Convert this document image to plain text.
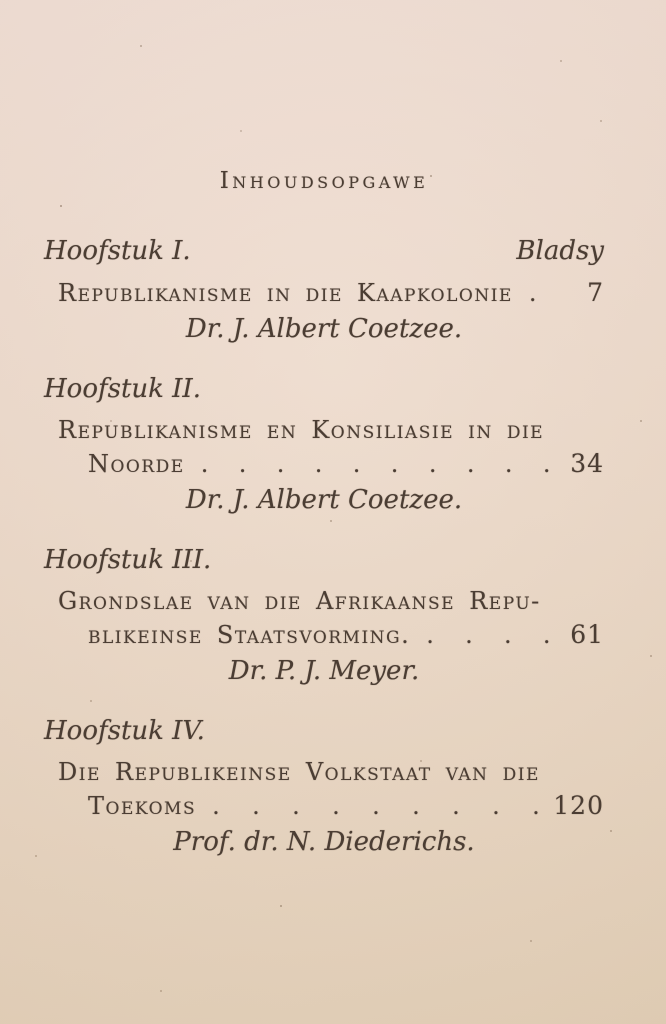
Inhoudsopgawe
Hoofstuk I.	Bladsy
Republikanisme in die Kaapkolonie .	7
Dr. J. Albert Coetzee.
Hoofstuk II.
Republikanisme en Konsiliasie in die
Noorde . . . . . . . . . . 34
Dr. J. Albert Coetzee.
Hoofstuk III.
Grondslae van die Afrikaanse Repu-
blikeinse Staatsvorming. . . . . 61
Dr. P. J. Meyer.
Hoofstuk IV.
Die Republikeinse Volkstaat van die
Toekoms . . . . . . . . . 120
Prof. dr. N. Diederichs.
